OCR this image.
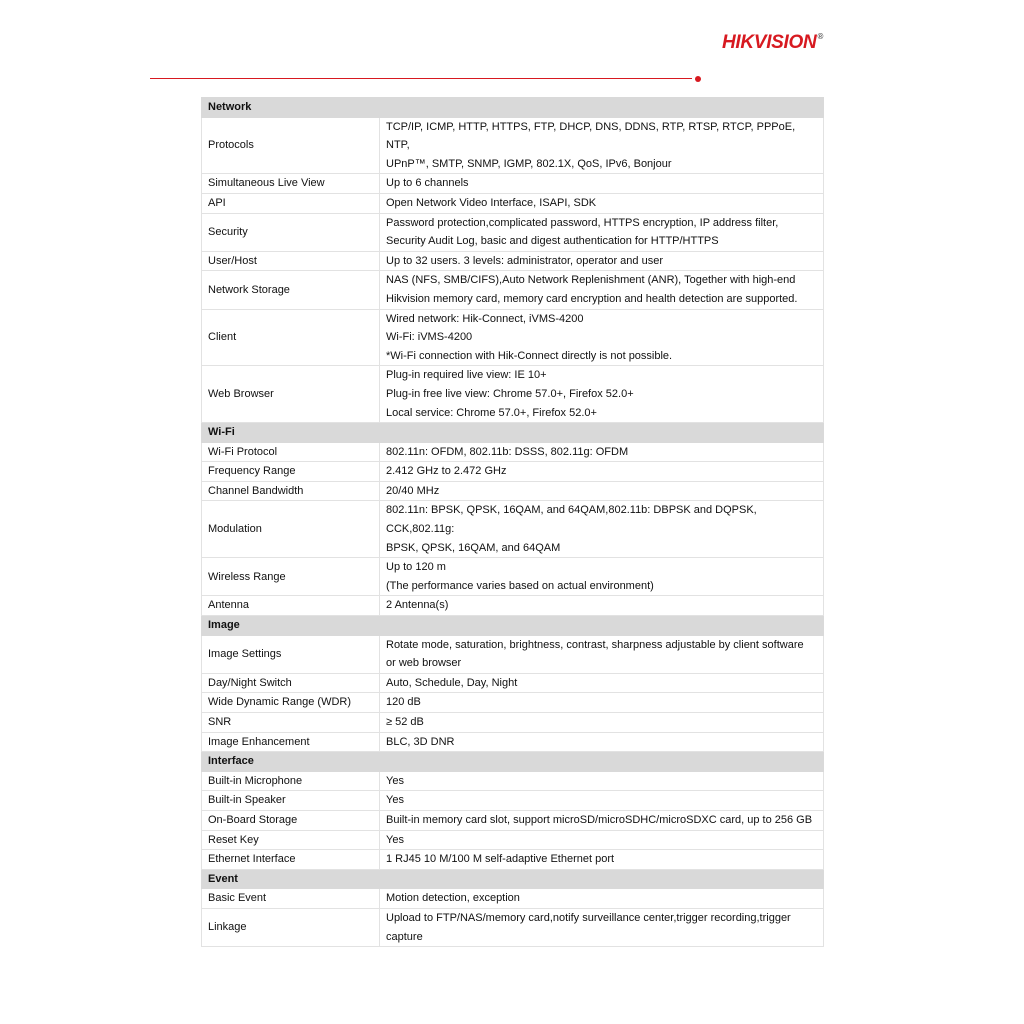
HIKVISION®
Network	
Protocols	TCP/IP, ICMP, HTTP, HTTPS, FTP, DHCP, DNS, DDNS, RTP, RTSP, RTCP, PPPoE, NTP,
UPnP™, SMTP, SNMP, IGMP, 802.1X, QoS, IPv6, Bonjour

Simultaneous Live View	Up to 6 channels

API	Open Network Video Interface, ISAPI, SDK

Security	Password protection,complicated password, HTTPS encryption, IP address filter,
Security Audit Log, basic and digest authentication for HTTP/HTTPS

User/Host	Up to 32 users. 3 levels: administrator, operator and user

Network Storage	NAS (NFS, SMB/CIFS),Auto Network Replenishment (ANR), Together with high-end
Hikvision memory card, memory card encryption and health detection are supported.

Client	Wired network: Hik-Connect, iVMS-4200
Wi-Fi: iVMS-4200
*Wi-Fi connection with Hik-Connect directly is not possible.

Web Browser	Plug-in required live view: IE 10+
Plug-in free live view: Chrome 57.0+, Firefox 52.0+
Local service: Chrome 57.0+, Firefox 52.0+

Wi-Fi	
Wi-Fi Protocol	802.11n: OFDM, 802.11b: DSSS, 802.11g: OFDM

Frequency Range	2.412 GHz to 2.472 GHz

Channel Bandwidth	20/40 MHz

Modulation	802.11n: BPSK, QPSK, 16QAM, and 64QAM,802.11b: DBPSK and DQPSK, CCK,802.11g:
BPSK, QPSK, 16QAM, and 64QAM

Wireless Range	Up to 120 m
(The performance varies based on actual environment)

Antenna	2 Antenna(s)

Image	
Image Settings	Rotate mode, saturation, brightness, contrast, sharpness adjustable by client software
or web browser

Day/Night Switch	Auto, Schedule, Day, Night

Wide Dynamic Range (WDR)	120 dB

SNR	≥ 52 dB

Image Enhancement	BLC, 3D DNR

Interface	
Built-in Microphone	Yes

Built-in Speaker	Yes

On-Board Storage	Built-in memory card slot, support microSD/microSDHC/microSDXC card, up to 256 GB

Reset Key	Yes

Ethernet Interface	1 RJ45 10 M/100 M self-adaptive Ethernet port

Event	
Basic Event	Motion detection, exception

Linkage	Upload to FTP/NAS/memory card,notify surveillance center,trigger recording,trigger
capture
